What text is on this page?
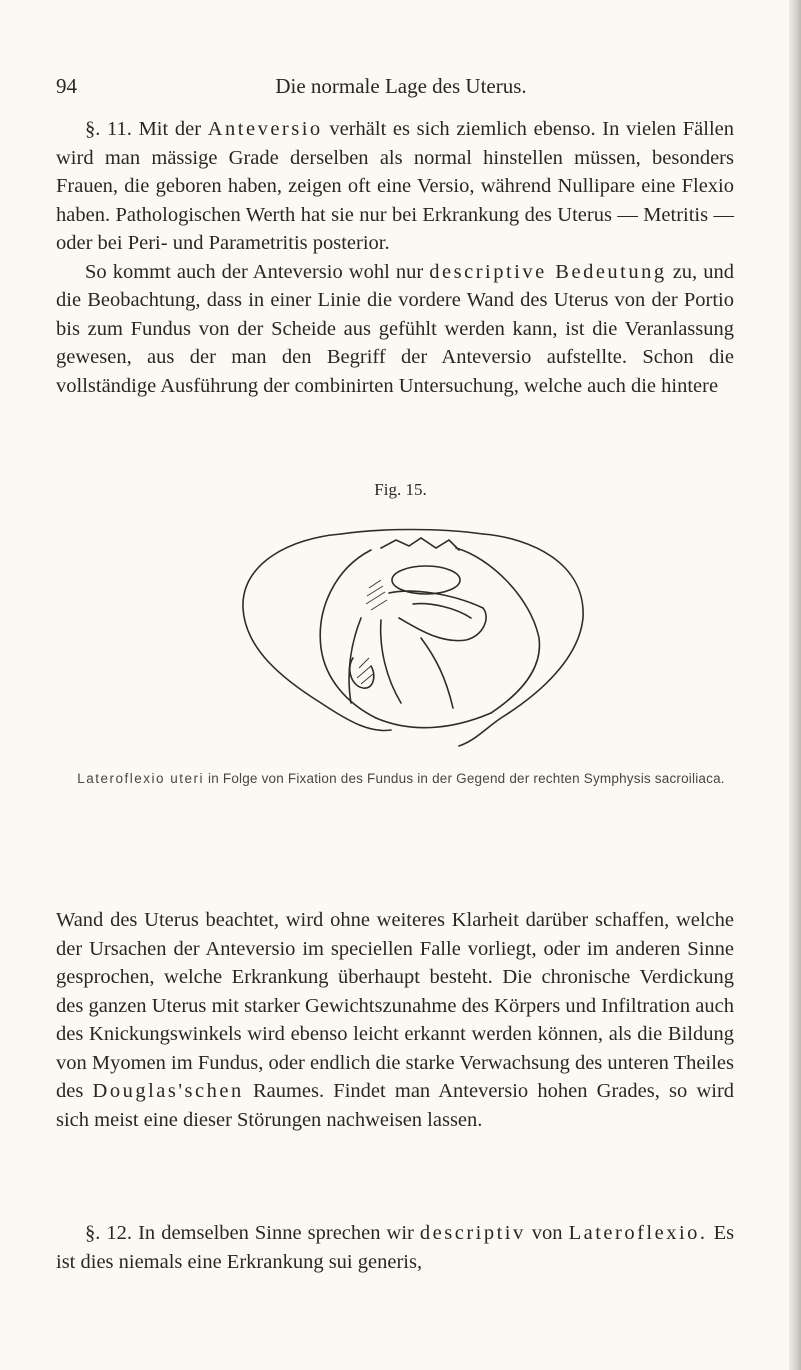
94	Die normale Lage des Uterus.

§. 11. Mit der Anteversio verhält es sich ziemlich ebenso. In vielen Fällen wird man mässige Grade derselben als normal hinstellen müssen, besonders Frauen, die geboren haben, zeigen oft eine Versio, während Nullipare eine Flexio haben. Pathologischen Werth hat sie nur bei Erkrankung des Uterus — Metritis — oder bei Peri- und Parametritis posterior.

So kommt auch der Anteversio wohl nur descriptive Bedeutung zu, und die Beobachtung, dass in einer Linie die vordere Wand des Uterus von der Portio bis zum Fundus von der Scheide aus gefühlt werden kann, ist die Veranlassung gewesen, aus der man den Begriff der Anteversio aufstellte. Schon die vollständige Ausführung der combinirten Untersuchung, welche auch die hintere

Fig. 15.
Lateroflexio uteri in Folge von Fixation des Fundus in der Gegend der rechten Symphysis sacroiliaca.

Wand des Uterus beachtet, wird ohne weiteres Klarheit darüber schaffen, welche der Ursachen der Anteversio im speciellen Falle vorliegt, oder im anderen Sinne gesprochen, welche Erkrankung überhaupt besteht. Die chronische Verdickung des ganzen Uterus mit starker Gewichtszunahme des Körpers und Infiltration auch des Knickungswinkels wird ebenso leicht erkannt werden können, als die Bildung von Myomen im Fundus, oder endlich die starke Verwachsung des unteren Theiles des Douglas'schen Raumes. Findet man Anteversio hohen Grades, so wird sich meist eine dieser Störungen nachweisen lassen.

§. 12. In demselben Sinne sprechen wir descriptiv von Lateroflexio. Es ist dies niemals eine Erkrankung sui generis,
